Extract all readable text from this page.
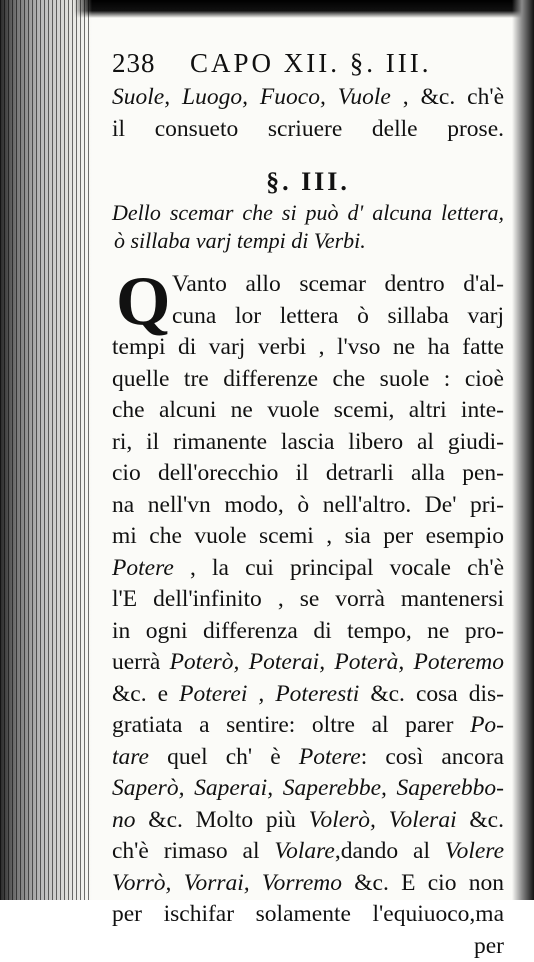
238	CAPO XII. §. III.
Suole, Luogo, Fuoco, Vuole , &c. ch'è
il consueto scriuere delle prose.
§. III.
Dello scemar che si può d' alcuna lettera,
ò sillaba varj tempi di Verbi.
Q Vanto allo scemar dentro d'al-
cuna lor lettera ò sillaba varj
tempi di varj verbi , l'vso ne ha fatte
quelle tre differenze che suole : cioè
che alcuni ne vuole scemi, altri inte-
ri, il rimanente lascia libero al giudi-
cio dell'orecchio il detrarli alla pen-
na nell'vn modo, ò nell'altro. De' pri-
mi che vuole scemi , sia per esempio
Potere , la cui principal vocale ch'è
l'E dell'infinito , se vorrà mantenersi
in ogni differenza di tempo, ne pro-
uerrà Poterò, Poterai, Poterà, Poteremo
&c. e Poterei , Poteresti &c. cosa dis-
gratiata a sentire: oltre al parer Po-
tare quel ch' è Potere: così ancora
Saperò, Saperai, Saperebbe, Saperebbo-
no &c. Molto più Volerò, Volerai &c.
ch'è rimaso al Volare,dando al Volere
Vorrò, Vorrai, Vorremo &c. E cio non
per ischifar solamente l'equiuoco,ma
per
